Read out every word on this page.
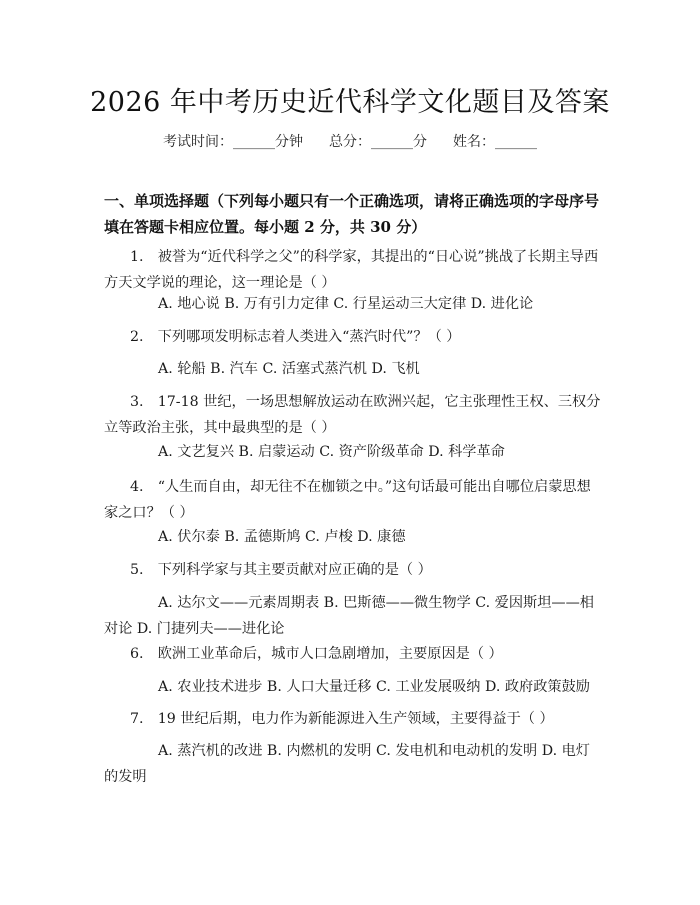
2026 年中考历史近代科学文化题目及答案
考试时间：______分钟 总分：______分 姓名：______
一、单项选择题（下列每小题只有一个正确选项，请将正确选项的字母序号填在答题卡相应位置。每小题 2 分，共 30 分）
1.　被誉为“近代科学之父”的科学家，其提出的“日心说”挑战了长期主导西方天文学说的理论，这一理论是（ ）
A. 地心说 B. 万有引力定律 C. 行星运动三大定律 D. 进化论
2.　下列哪项发明标志着人类进入“蒸汽时代”？（ ）
A. 轮船 B. 汽车 C. 活塞式蒸汽机 D. 飞机
3.　17-18 世纪，一场思想解放运动在欧洲兴起，它主张理性王权、三权分立等政治主张，其中最典型的是（ ）
A. 文艺复兴 B. 启蒙运动 C. 资产阶级革命 D. 科学革命
4.　“人生而自由，却无往不在枷锁之中。”这句话最可能出自哪位启蒙思想家之口？（ ）
A. 伏尔泰 B. 孟德斯鸠 C. 卢梭 D. 康德
5.　下列科学家与其主要贡献对应正确的是（ ）
A. 达尔文——元素周期表 B. 巴斯德——微生物学 C. 爱因斯坦——相对论 D. 门捷列夫——进化论
6.　欧洲工业革命后，城市人口急剧增加，主要原因是（ ）
A. 农业技术进步 B. 人口大量迁移 C. 工业发展吸纳 D. 政府政策鼓励
7.　19 世纪后期，电力作为新能源进入生产领域，主要得益于（ ）
A. 蒸汽机的改进 B. 内燃机的发明 C. 发电机和电动机的发明 D. 电灯的发明
